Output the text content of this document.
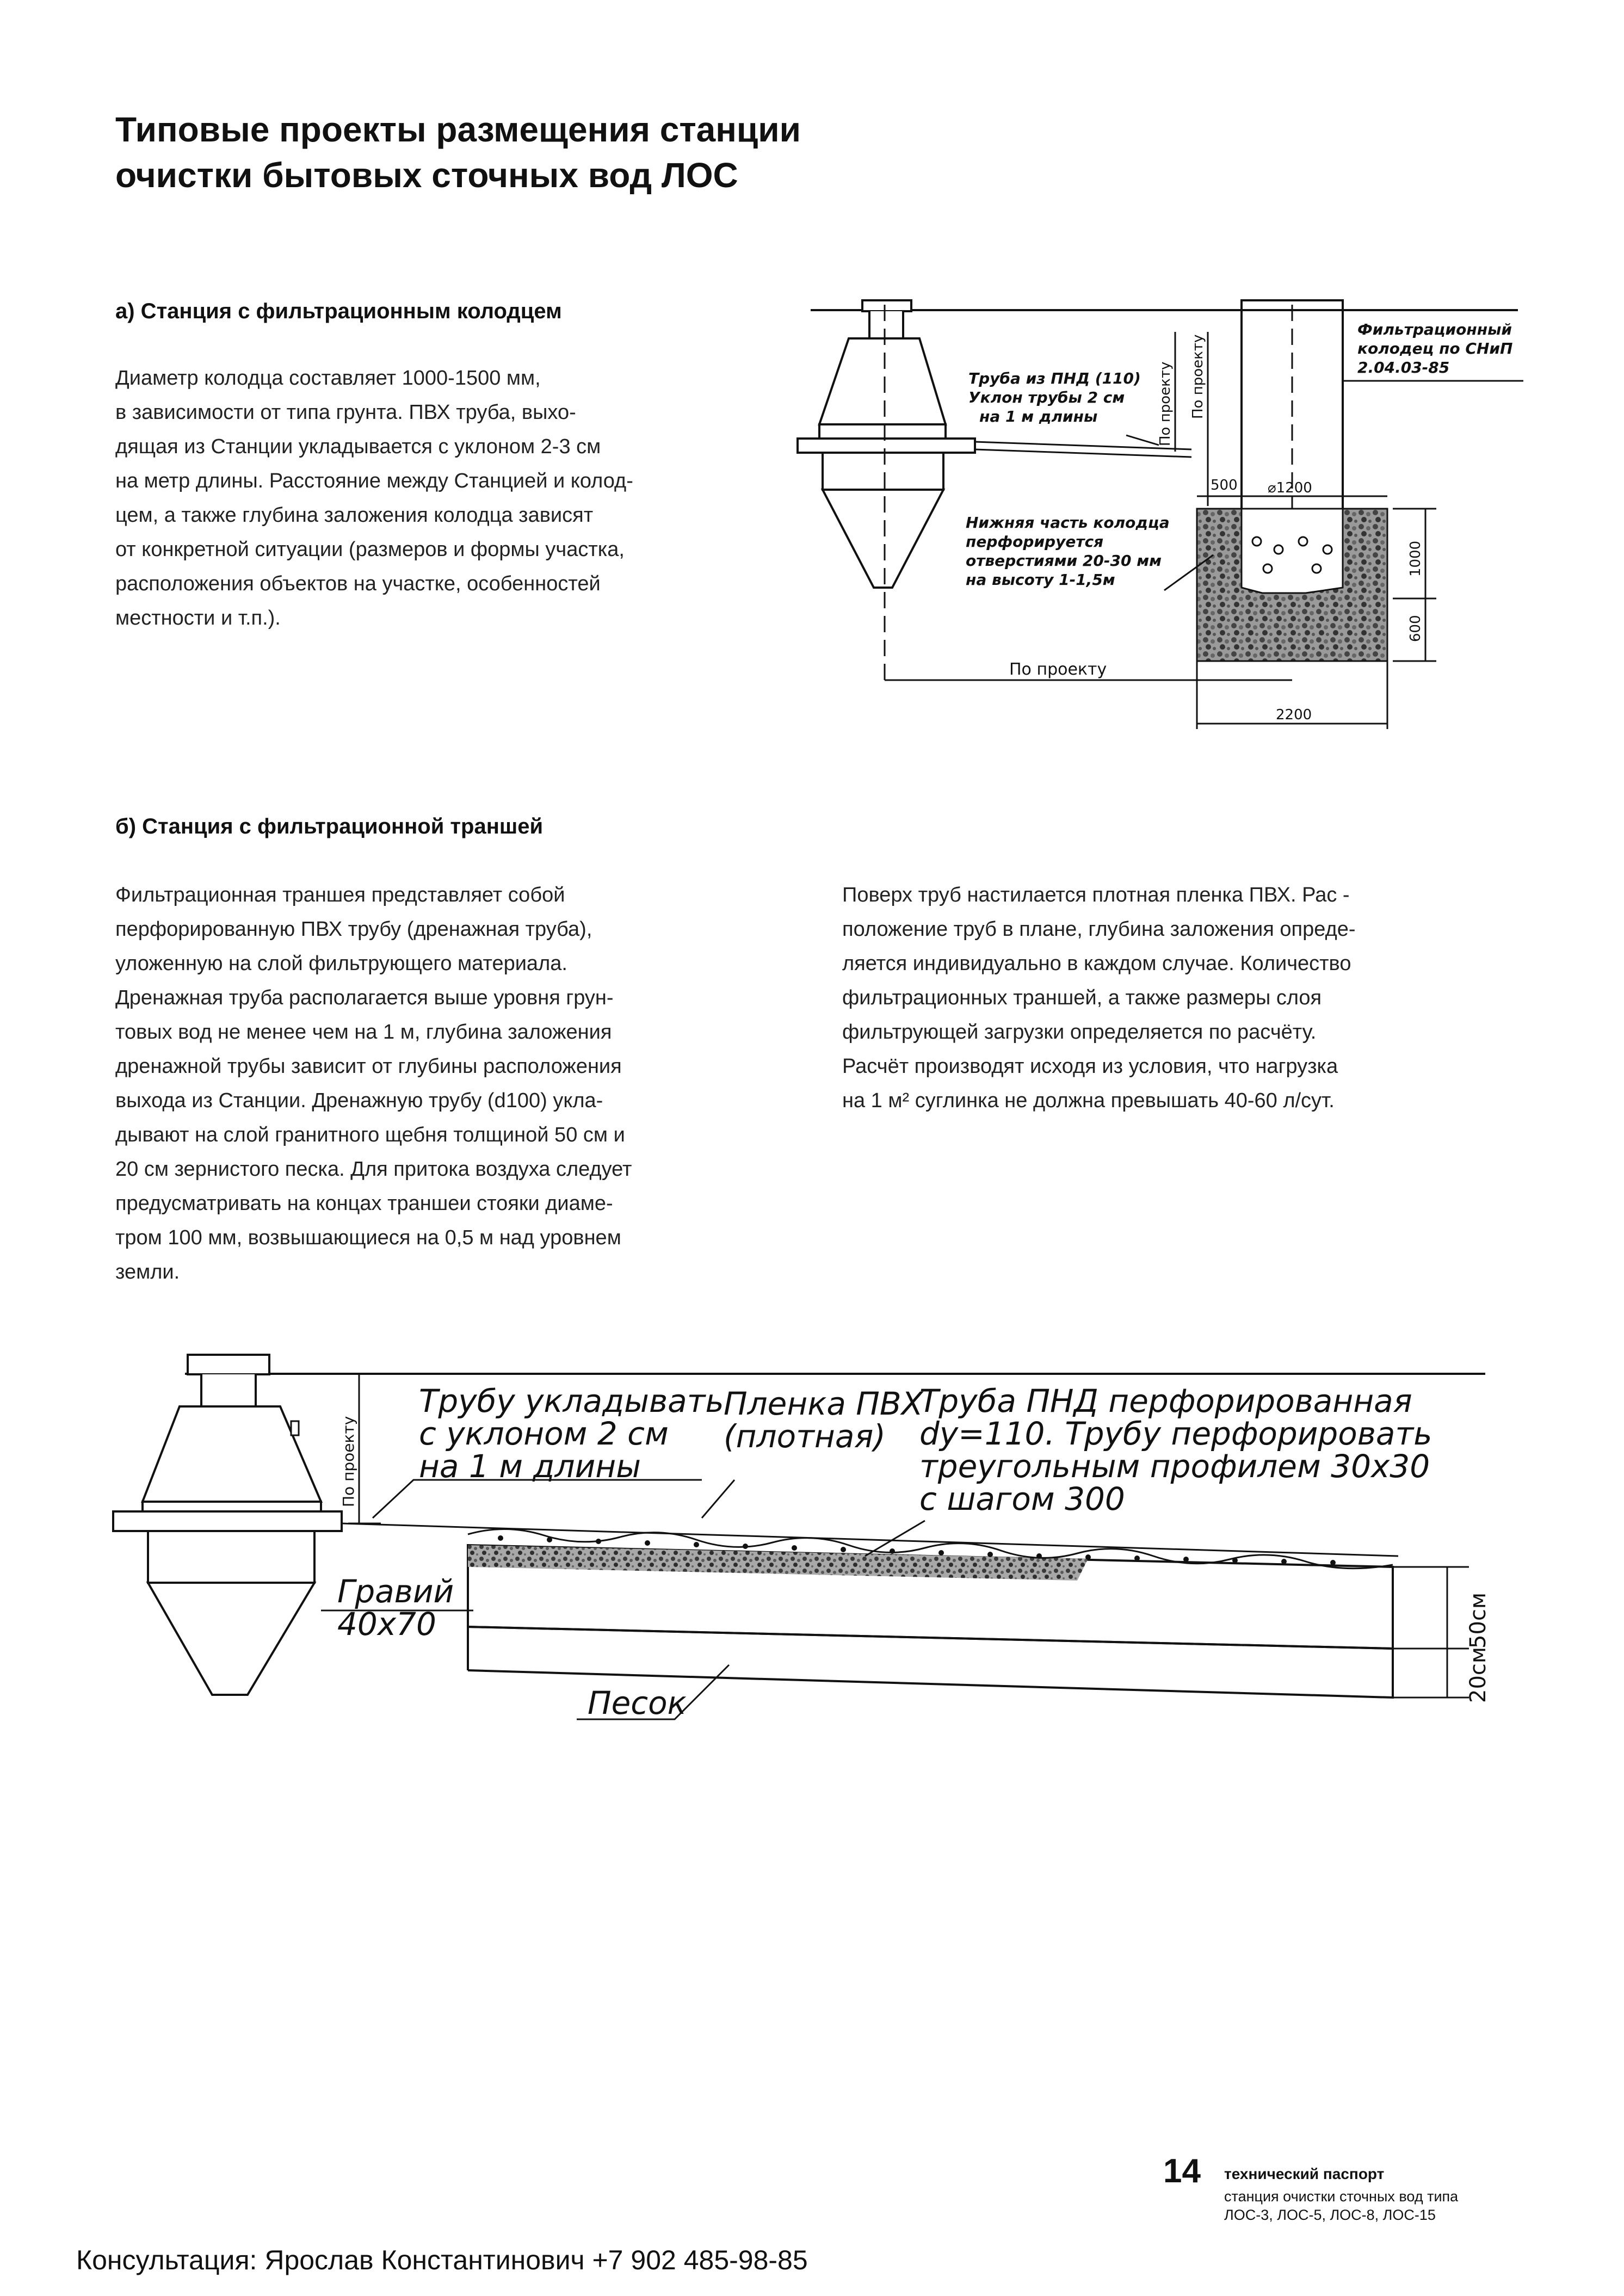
Типовые проекты размещения станции
очистки бытовых сточных вод ЛОС
а) Станция с фильтрационным колодцем

Диаметр колодца составляет 1000-1500 мм,

в зависимости от типа грунта. ПВХ труба, выхо-

дящая из Станции укладывается с уклоном 2-3 см

на метр длины. Расстояние между Станцией и колод-

цем, а также глубина заложения колодца зависят

от конкретной ситуации (размеров и формы участка,

расположения объектов на участке, особенностей

местности и т.п.).

Труба из ПНД (110)
Уклон трубы 2 см
на 1 м длины
Фильтрационный
колодец по СНиП
2.04.03-85
Нижняя часть колодца
перфорируется
отверстиями 20-30 мм
на высоту 1-1,5м
По проекту По проекту
По проекту
500 ⌀1200
1000
600
2200
б) Станция с фильтрационной траншей

Фильтрационная траншея представляет собой

перфорированную ПВХ трубу (дренажная труба),

уложенную на слой фильтрующего материала.

Дренажная труба располагается выше уровня грун-

товых вод не менее чем на 1 м, глубина заложения

дренажной трубы зависит от глубины расположения

выхода из Станции. Дренажную трубу (d100) укла-

дывают на слой гранитного щебня толщиной 50 см и

20 см зернистого песка. Для притока воздуха следует

предусматривать на концах траншеи стояки диаме-

тром 100 мм, возвышающиеся на 0,5 м над уровнем

земли.

Поверх труб настилается плотная пленка ПВХ. Рас -

положение труб в плане, глубина заложения опреде-

ляется индивидуально в каждом случае. Количество

фильтрационных траншей, а также размеры слоя

фильтрующей загрузки определяется по расчёту.

Расчёт производят исходя из условия, что нагрузка

на 1 м² суглинка не должна превышать 40-60 л/сут.

Трубу укладывать
с уклоном 2 см
на 1 м длины
Пленка ПВХ
(плотная)
Труба ПНД перфорированная
dy=110. Трубу перфорировать
треугольным профилем 30x30
с шагом 300
Гравий
40x70
Песок
По проекту
50см
20см
14 технический паспорт
станция очистки сточных вод типа
ЛОС-3, ЛОС-5, ЛОС-8, ЛОС-15
Консультация: Ярослав Константинович +7 902 485-98-85
